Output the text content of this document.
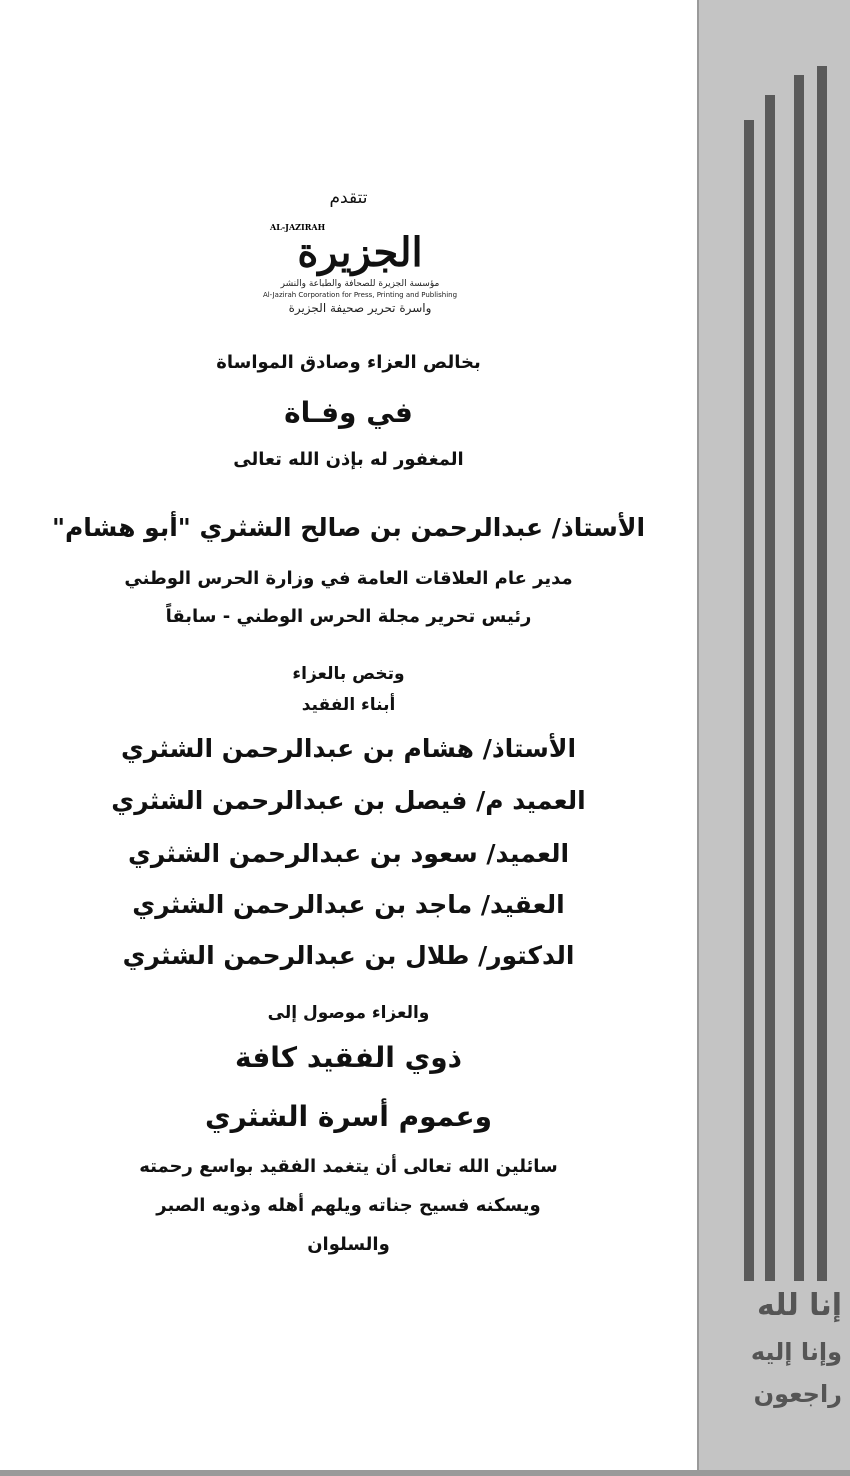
تتقدم
AL-JAZIRAH
الجزيرة
مؤسسة الجزيرة للصحافة والطباعة والنشر
Al-Jazirah Corporation for Press, Printing and Publishing
واسرة تحرير صحيفة الجزيرة
بخالص العزاء وصادق المواساة
في وفـاة
المغفور له بإذن الله تعالى
الأستاذ/ عبدالرحمن بن صالح الشثري "أبو هشام"
مدير عام العلاقات العامة في وزارة الحرس الوطني
رئيس تحرير مجلة الحرس الوطني - سابقاً
وتخص بالعزاء
أبناء الفقيد
الأستاذ/ هشام بن عبدالرحمن الشثري
العميد م/ فيصل بن عبدالرحمن الشثري
العميد/ سعود بن عبدالرحمن الشثري
العقيد/ ماجد بن عبدالرحمن الشثري
الدكتور/ طلال بن عبدالرحمن الشثري
والعزاء موصول إلى
ذوي الفقيد كافة
وعموم أسرة الشثري
سائلين الله تعالى أن يتغمد الفقيد بواسع رحمته
ويسكنه فسيح جناته ويلهم أهله وذويه الصبر
والسلوان
إنا لله
وإنا إليه
راجعون
